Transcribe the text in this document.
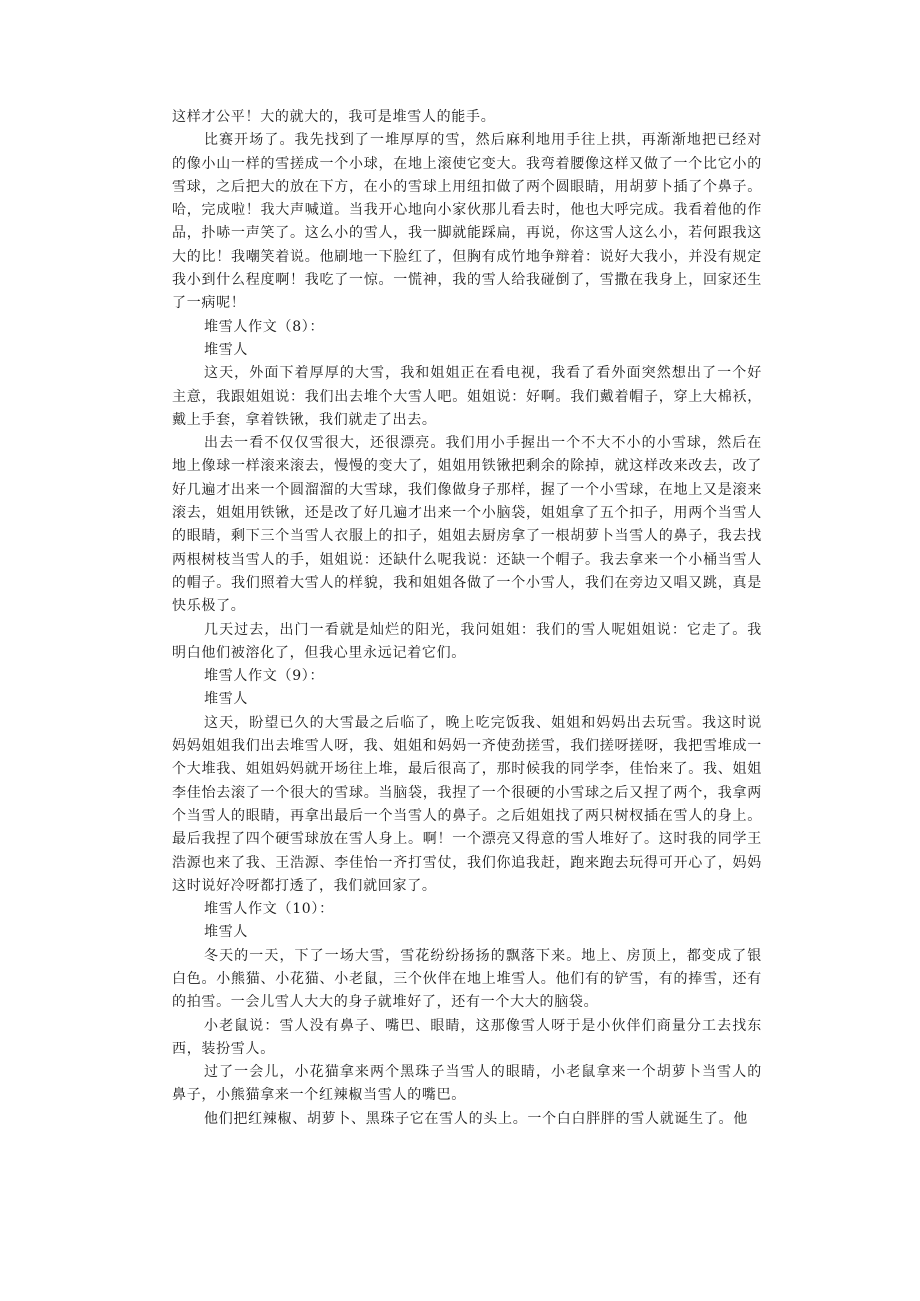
这样才公平！大的就大的，我可是堆雪人的能手。

比赛开场了。我先找到了一堆厚厚的雪，然后麻利地用手往上拱，再渐渐地把已经对的像小山一样的雪搓成一个小球，在地上滚使它变大。我弯着腰像这样又做了一个比它小的雪球，之后把大的放在下方，在小的雪球上用纽扣做了两个圆眼睛，用胡萝卜插了个鼻子。哈，完成啦！我大声喊道。当我开心地向小家伙那儿看去时，他也大呼完成。我看着他的作品，扑哧一声笑了。这么小的雪人，我一脚就能踩扁，再说，你这雪人这么小，若何跟我这大的比！我嘲笑着说。他刷地一下脸红了，但胸有成竹地争辩着：说好大我小，并没有规定我小到什么程度啊！我吃了一惊。一慌神，我的雪人给我碰倒了，雪撒在我身上，回家还生了一病呢！

堆雪人作文（8）：

堆雪人

这天，外面下着厚厚的大雪，我和姐姐正在看电视，我看了看外面突然想出了一个好主意，我跟姐姐说：我们出去堆个大雪人吧。姐姐说：好啊。我们戴着帽子，穿上大棉袄，戴上手套，拿着铁锹，我们就走了出去。

出去一看不仅仅雪很大，还很漂亮。我们用小手握出一个不大不小的小雪球，然后在地上像球一样滚来滚去，慢慢的变大了，姐姐用铁锹把剩余的除掉，就这样改来改去，改了好几遍才出来一个圆溜溜的大雪球，我们像做身子那样，握了一个小雪球，在地上又是滚来滚去，姐姐用铁锹，还是改了好几遍才出来一个小脑袋，姐姐拿了五个扣子，用两个当雪人的眼睛，剩下三个当雪人衣服上的扣子，姐姐去厨房拿了一根胡萝卜当雪人的鼻子，我去找两根树枝当雪人的手，姐姐说：还缺什么呢我说：还缺一个帽子。我去拿来一个小桶当雪人的帽子。我们照着大雪人的样貌，我和姐姐各做了一个小雪人，我们在旁边又唱又跳，真是快乐极了。

几天过去，出门一看就是灿烂的阳光，我问姐姐：我们的雪人呢姐姐说：它走了。我明白他们被溶化了，但我心里永远记着它们。

堆雪人作文（9）：

堆雪人

这天，盼望已久的大雪最之后临了，晚上吃完饭我、姐姐和妈妈出去玩雪。我这时说妈妈姐姐我们出去堆雪人呀，我、姐姐和妈妈一齐使劲搓雪，我们搓呀搓呀，我把雪堆成一个大堆我、姐姐妈妈就开场往上堆，最后很高了，那时候我的同学李，佳怡来了。我、姐姐李佳怡去滚了一个很大的雪球。当脑袋，我捏了一个很硬的小雪球之后又捏了两个，我拿两个当雪人的眼睛，再拿出最后一个当雪人的鼻子。之后姐姐找了两只树杈插在雪人的身上。最后我捏了四个硬雪球放在雪人身上。啊！一个漂亮又得意的雪人堆好了。这时我的同学王浩源也来了我、王浩源、李佳怡一齐打雪仗，我们你追我赶，跑来跑去玩得可开心了，妈妈这时说好冷呀都打透了，我们就回家了。

堆雪人作文（10）：

堆雪人

冬天的一天，下了一场大雪，雪花纷纷扬扬的飘落下来。地上、房顶上，都变成了银白色。小熊猫、小花猫、小老鼠，三个伙伴在地上堆雪人。他们有的铲雪，有的捧雪，还有的拍雪。一会儿雪人大大的身子就堆好了，还有一个大大的脑袋。

小老鼠说：雪人没有鼻子、嘴巴、眼睛，这那像雪人呀于是小伙伴们商量分工去找东西，装扮雪人。

过了一会儿，小花猫拿来两个黑珠子当雪人的眼睛，小老鼠拿来一个胡萝卜当雪人的鼻子，小熊猫拿来一个红辣椒当雪人的嘴巴。

他们把红辣椒、胡萝卜、黑珠子它在雪人的头上。一个白白胖胖的雪人就诞生了。他
